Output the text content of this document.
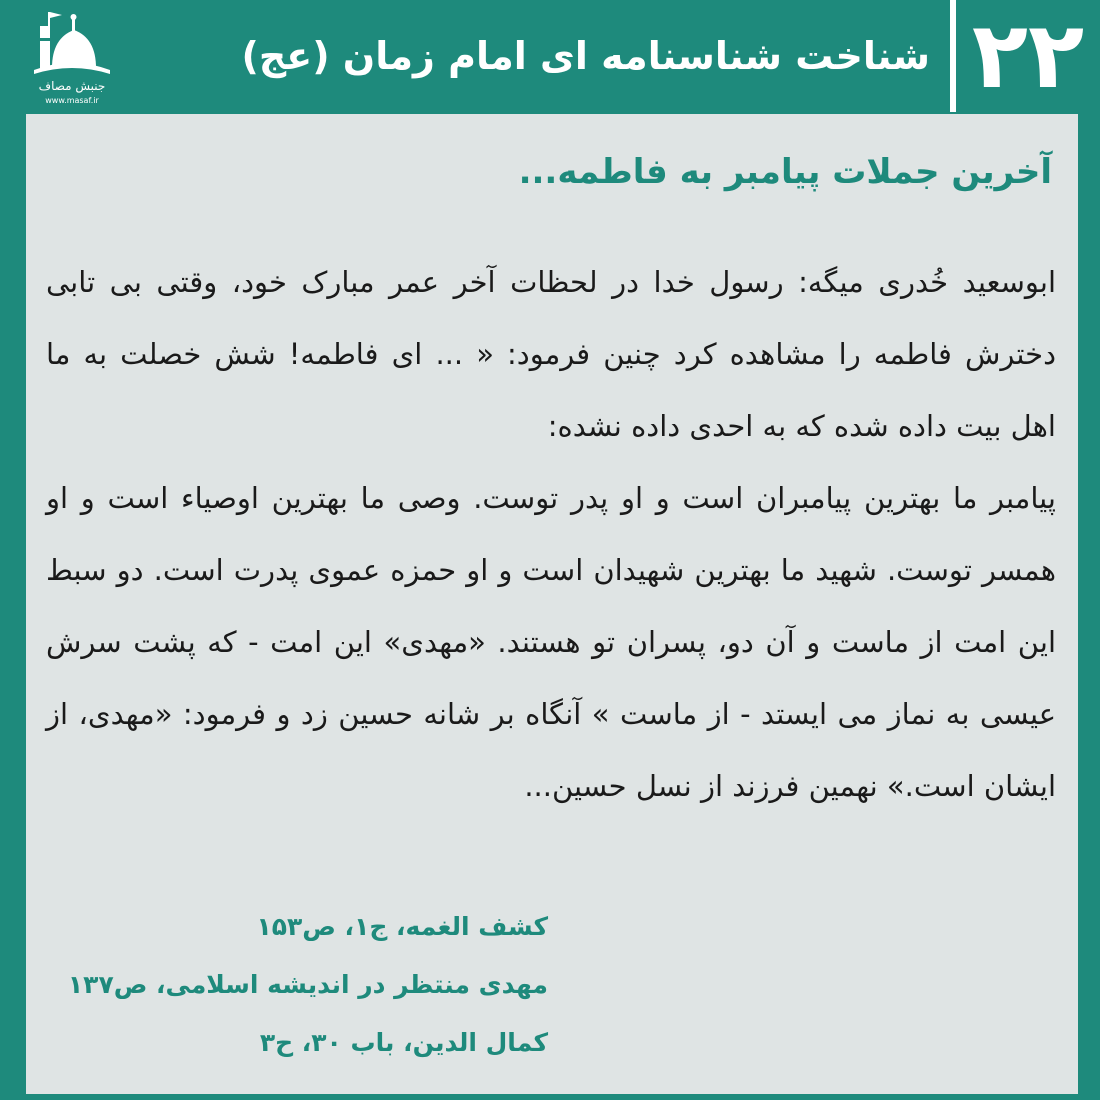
جنبش مصاف
www.masaf.ir
شناخت شناسنامه ای امام زمان (عج) ۲۲
آخرین جملات پیامبر به فاطمه...

ابوسعید خُدری میگه: رسول خدا در لحظات آخر عمر مبارک خود، وقتی بی تابی دخترش فاطمه را مشاهده کرد چنین فرمود: « ... ای فاطمه! شش خصلت به ما اهل بیت داده شده که به احدی داده نشده:

پیامبر ما بهترین پیامبران است و او پدر توست. وصی ما بهترین اوصیاء است و او همسر توست. شهید ما بهترین شهیدان است و او حمزه عموی پدرت است. دو سبط این امت از ماست و آن دو، پسران تو هستند. «مهدی» این امت - که پشت سرش عیسی به نماز می ایستد - از ماست » آنگاه بر شانه حسین زد و فرمود: «مهدی، از ایشان است.» نهمین فرزند از نسل حسین...

کشف الغمه، ج۱، ص۱۵۳
مهدی منتظر در اندیشه اسلامی، ص۱۳۷
کمال الدین، باب ۳۰، ح۳
